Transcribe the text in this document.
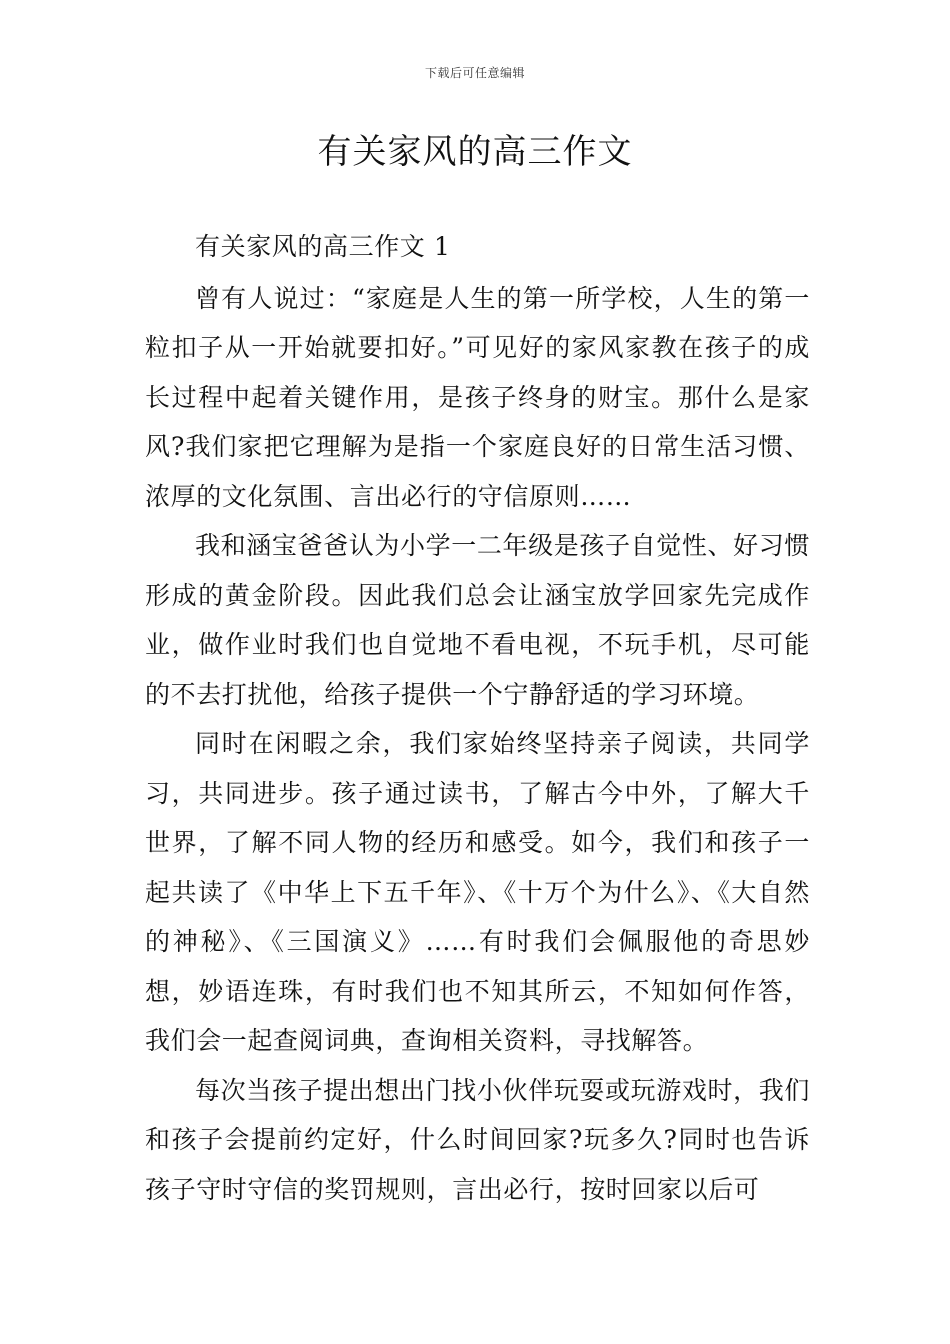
下载后可任意编辑
有关家风的高三作文

有关家风的高三作文 1

曾有人说过：“家庭是人生的第一所学校，人生的第一粒扣子从一开始就要扣好。”可见好的家风家教在孩子的成长过程中起着关键作用，是孩子终身的财宝。那什么是家风?我们家把它理解为是指一个家庭良好的日常生活习惯、浓厚的文化氛围、言出必行的守信原则……

我和涵宝爸爸认为小学一二年级是孩子自觉性、好习惯形成的黄金阶段。因此我们总会让涵宝放学回家先完成作业，做作业时我们也自觉地不看电视，不玩手机，尽可能的不去打扰他，给孩子提供一个宁静舒适的学习环境。

同时在闲暇之余，我们家始终坚持亲子阅读，共同学习，共同进步。孩子通过读书，了解古今中外，了解大千世界，了解不同人物的经历和感受。如今，我们和孩子一起共读了《中华上下五千年》、《十万个为什么》、《大自然的神秘》、《三国演义》……有时我们会佩服他的奇思妙想，妙语连珠，有时我们也不知其所云，不知如何作答，我们会一起查阅词典，查询相关资料，寻找解答。

每次当孩子提出想出门找小伙伴玩耍或玩游戏时，我们和孩子会提前约定好，什么时间回家?玩多久?同时也告诉孩子守时守信的奖罚规则，言出必行，按时回家以后可
